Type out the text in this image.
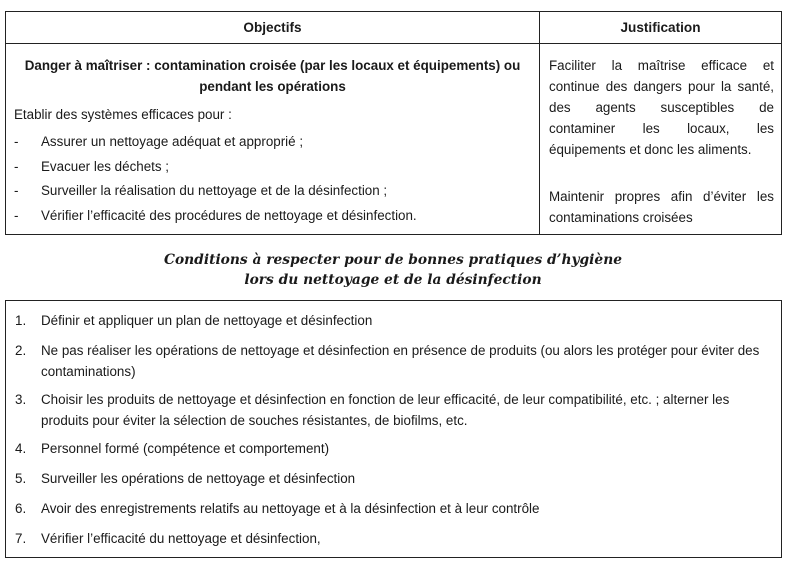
Objectifs	Justification
Danger à maîtriser : contamination croisée (par les locaux et équipements) ou pendant les opérations
Etablir des systèmes efficaces pour :
- Assurer un nettoyage adéquat et approprié ;
- Evacuer les déchets ;
- Surveiller la réalisation du nettoyage et de la désinfection ;
- Vérifier l’efficacité des procédures de nettoyage et désinfection.

Faciliter la maîtrise efficace et continue des dangers pour la santé, des agents susceptibles de contaminer les locaux, les équipements et donc les aliments.

Maintenir propres afin d’éviter les contaminations croisées

Conditions à respecter pour de bonnes pratiques d’hygiène
lors du nettoyage et de la désinfection
1. Définir et appliquer un plan de nettoyage et désinfection
2. Ne pas réaliser les opérations de nettoyage et désinfection en présence de produits (ou alors les protéger pour éviter des contaminations)
3. Choisir les produits de nettoyage et désinfection en fonction de leur efficacité, de leur compatibilité, etc. ; alterner les produits pour éviter la sélection de souches résistantes, de biofilms, etc.
4. Personnel formé (compétence et comportement)
5. Surveiller les opérations de nettoyage et désinfection
6. Avoir des enregistrements relatifs au nettoyage et à la désinfection et à leur contrôle
7. Vérifier l’efficacité du nettoyage et désinfection,
